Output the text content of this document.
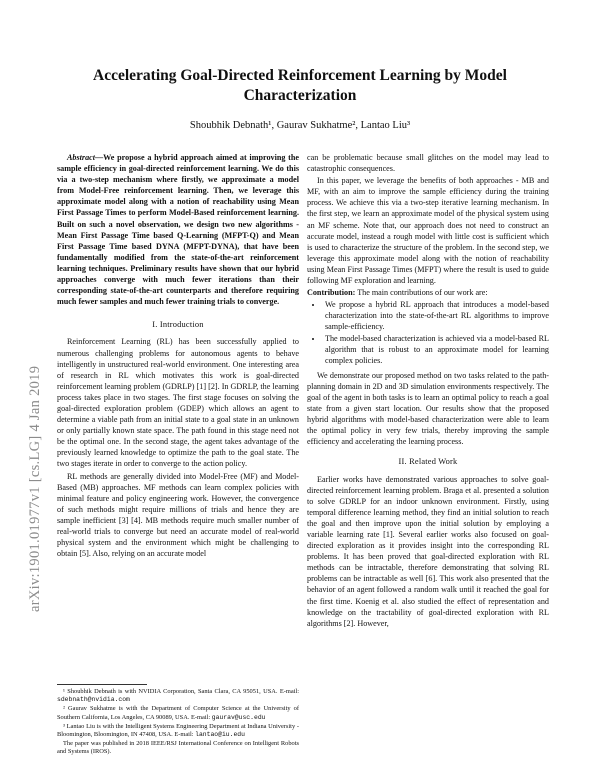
arXiv:1901.01977v1 [cs.LG] 4 Jan 2019
Accelerating Goal-Directed Reinforcement Learning by Model
Characterization
Shoubhik Debnath¹, Gaurav Sukhatme², Lantao Liu³

Abstract—We propose a hybrid approach aimed at improving the sample efficiency in goal-directed reinforcement learning. We do this via a two-step mechanism where firstly, we approximate a model from Model-Free reinforcement learning. Then, we leverage this approximate model along with a notion of reachability using Mean First Passage Times to perform Model-Based reinforcement learning. Built on such a novel observation, we design two new algorithms - Mean First Passage Time based Q-Learning (MFPT-Q) and Mean First Passage Time based DYNA (MFPT-DYNA), that have been fundamentally modified from the state-of-the-art reinforcement learning techniques. Preliminary results have shown that our hybrid approaches converge with much fewer iterations than their corresponding state-of-the-art counterparts and therefore requiring much fewer samples and much fewer training trials to converge.

I. Introduction

Reinforcement Learning (RL) has been successfully applied to numerous challenging problems for autonomous agents to behave intelligently in unstructured real-world environment. One interesting area of research in RL which motivates this work is goal-directed reinforcement learning problem (GDRLP) [1] [2]. In GDRLP, the learning process takes place in two stages. The first stage focuses on solving the goal-directed exploration problem (GDEP) which allows an agent to determine a viable path from an initial state to a goal state in an unknown or only partially known state space. The path found in this stage need not be the optimal one. In the second stage, the agent takes advantage of the previously learned knowledge to optimize the path to the goal state. The two stages iterate in order to converge to the action policy.

RL methods are generally divided into Model-Free (MF) and Model-Based (MB) approaches. MF methods can learn complex policies with minimal feature and policy engineering work. However, the convergence of such methods might require millions of trials and hence they are sample inefficient [3] [4]. MB methods require much smaller number of real-world trials to converge but need an accurate model of real-world physical system and the environment which might be challenging to obtain [5]. Also, relying on an accurate model

can be problematic because small glitches on the model may lead to catastrophic consequences.

In this paper, we leverage the benefits of both approaches - MB and MF, with an aim to improve the sample efficiency during the training process. We achieve this via a two-step iterative learning mechanism. In the first step, we learn an approximate model of the physical system using an MF scheme. Note that, our approach does not need to construct an accurate model, instead a rough model with little cost is sufficient which is used to characterize the structure of the problem. In the second step, we leverage this approximate model along with the notion of reachability using Mean First Passage Times (MFPT) where the result is used to guide following MF exploration and learning.

Contribution: The main contributions of our work are:

• We propose a hybrid RL approach that introduces a model-based characterization into the state-of-the-art RL algorithms to improve sample-efficiency.
• The model-based characterization is achieved via a model-based RL algorithm that is robust to an approximate model for learning complex policies.

We demonstrate our proposed method on two tasks related to the path-planning domain in 2D and 3D simulation environments respectively. The goal of the agent in both tasks is to learn an optimal policy to reach a goal state from a given start location. Our results show that the proposed hybrid algorithms with model-based characterization were able to learn the optimal policy in very few trials, thereby improving the sample efficiency and accelerating the learning process.

II. Related Work

Earlier works have demonstrated various approaches to solve goal-directed reinforcement learning problem. Braga et al. presented a solution to solve GDRLP for an indoor unknown environment. Firstly, using temporal difference learning method, they find an initial solution to reach the goal and then improve upon the initial solution by employing a variable learning rate [1]. Several earlier works also focused on goal-directed exploration as it provides insight into the corresponding RL problems. It has been proved that goal-directed exploration with RL methods can be intractable, therefore demonstrating that solving RL problems can be intractable as well [6]. This work also presented that the behavior of an agent followed a random walk until it reached the goal for the first time. Koenig et al. also studied the effect of representation and knowledge on the tractability of goal-directed exploration with RL algorithms [2]. However,

¹ Shoubhik Debnath is with NVIDIA Corporation, Santa Clara, CA 95051, USA. E-mail: sdebnath@nvidia.com

² Gaurav Sukhatme is with the Department of Computer Science at the University of Southern California, Los Angeles, CA 90089, USA. E-mail: gaurav@usc.edu

³ Lantao Liu is with the Intelligent Systems Engineering Department at Indiana University - Bloomington, Bloomington, IN 47408, USA. E-mail: lantao@iu.edu

The paper was published in 2018 IEEE/RSJ International Conference on Intelligent Robots and Systems (IROS).
